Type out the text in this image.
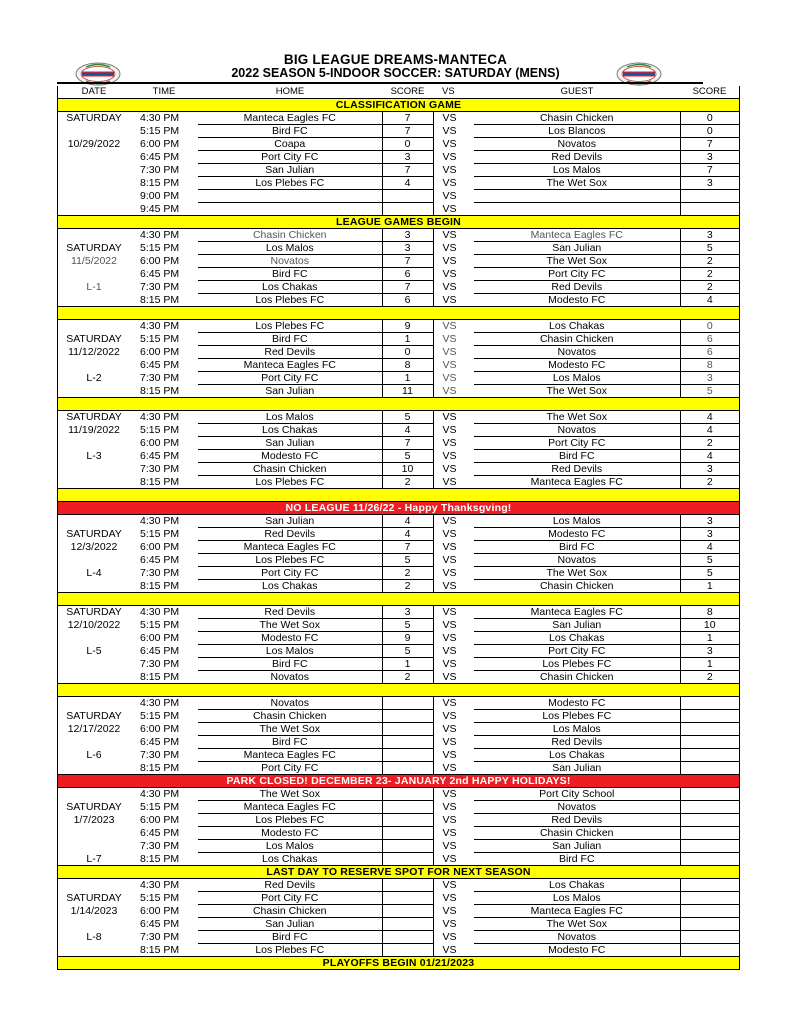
BIG LEAGUE DREAMS-MANTECA
2022 SEASON 5-INDOOR SOCCER: SATURDAY (MENS)
DATE	TIME	HOME	SCORE	VS	GUEST	SCORE
CLASSIFICATION GAME						
SATURDAY	4:30 PM	Manteca Eagles FC	7	VS	Chasin Chicken	0
	5:15 PM	Bird FC	7	VS	Los Blancos	0
10/29/2022	6:00 PM	Coapa	0	VS	Novatos	7
	6:45 PM	Port City FC	3	VS	Red Devils	3
	7:30 PM	San Julian	7	VS	Los Malos	7
	8:15 PM	Los Plebes FC	4	VS	The Wet Sox	3
	9:00 PM			VS		
	9:45 PM			VS		
LEAGUE GAMES BEGIN						
	4:30 PM	Chasin Chicken	3	VS	Manteca Eagles FC	3
SATURDAY	5:15 PM	Los Malos	3	VS	San Julian	5
11/5/2022	6:00 PM	Novatos	7	VS	The Wet Sox	2
	6:45 PM	Bird FC	6	VS	Port City FC	2
L-1	7:30 PM	Los Chakas	7	VS	Red Devils	2
	8:15 PM	Los Plebes FC	6	VS	Modesto FC	4

	4:30 PM	Los Plebes FC	9	VS	Los Chakas	0
SATURDAY	5:15 PM	Bird FC	1	VS	Chasin Chicken	6
11/12/2022	6:00 PM	Red Devils	0	VS	Novatos	6
	6:45 PM	Manteca Eagles FC	8	VS	Modesto FC	8
L-2	7:30 PM	Port City FC	1	VS	Los Malos	3
	8:15 PM	San Julian	11	VS	The Wet Sox	5

SATURDAY	4:30 PM	Los Malos	5	VS	The Wet Sox	4
11/19/2022	5:15 PM	Los Chakas	4	VS	Novatos	4
	6:00 PM	San Julian	7	VS	Port City FC	2
L-3	6:45 PM	Modesto FC	5	VS	Bird FC	4
	7:30 PM	Chasin Chicken	10	VS	Red Devils	3
	8:15 PM	Los Plebes FC	2	VS	Manteca Eagles FC	2

NO LEAGUE 11/26/22 - Happy Thanksgving!						
	4:30 PM	San Julian	4	VS	Los Malos	3
SATURDAY	5:15 PM	Red Devils	4	VS	Modesto FC	3
12/3/2022	6:00 PM	Manteca Eagles FC	7	VS	Bird FC	4
	6:45 PM	Los Plebes FC	5	VS	Novatos	5
L-4	7:30 PM	Port City FC	2	VS	The Wet Sox	5
	8:15 PM	Los Chakas	2	VS	Chasin Chicken	1

SATURDAY	4:30 PM	Red Devils	3	VS	Manteca Eagles FC	8
12/10/2022	5:15 PM	The Wet Sox	5	VS	San Julian	10
	6:00 PM	Modesto FC	9	VS	Los Chakas	1
L-5	6:45 PM	Los Malos	5	VS	Port City FC	3
	7:30 PM	Bird FC	1	VS	Los Plebes FC	1
	8:15 PM	Novatos	2	VS	Chasin Chicken	2

	4:30 PM	Novatos		VS	Modesto FC	
SATURDAY	5:15 PM	Chasin Chicken		VS	Los Plebes FC	
12/17/2022	6:00 PM	The Wet Sox		VS	Los Malos	
	6:45 PM	Bird FC		VS	Red Devils	
L-6	7:30 PM	Manteca Eagles FC		VS	Los Chakas	
	8:15 PM	Port City FC		VS	San Julian	
PARK CLOSED! DECEMBER 23- JANUARY 2nd HAPPY HOLIDAYS!						
	4:30 PM	The Wet Sox		VS	Port City School	
SATURDAY	5:15 PM	Manteca Eagles FC		VS	Novatos	
1/7/2023	6:00 PM	Los Plebes FC		VS	Red Devils	
	6:45 PM	Modesto FC		VS	Chasin Chicken	
	7:30 PM	Los Malos		VS	San Julian	
L-7	8:15 PM	Los Chakas		VS	Bird FC	
LAST DAY TO RESERVE SPOT FOR NEXT SEASON						
	4:30 PM	Red Devils		VS	Los Chakas	
SATURDAY	5:15 PM	Port City FC		VS	Los Malos	
1/14/2023	6:00 PM	Chasin Chicken		VS	Manteca Eagles FC	
	6:45 PM	San Julian		VS	The Wet Sox	
L-8	7:30 PM	Bird FC		VS	Novatos	
	8:15 PM	Los Plebes FC		VS	Modesto FC	
PLAYOFFS BEGIN 01/21/2023						
